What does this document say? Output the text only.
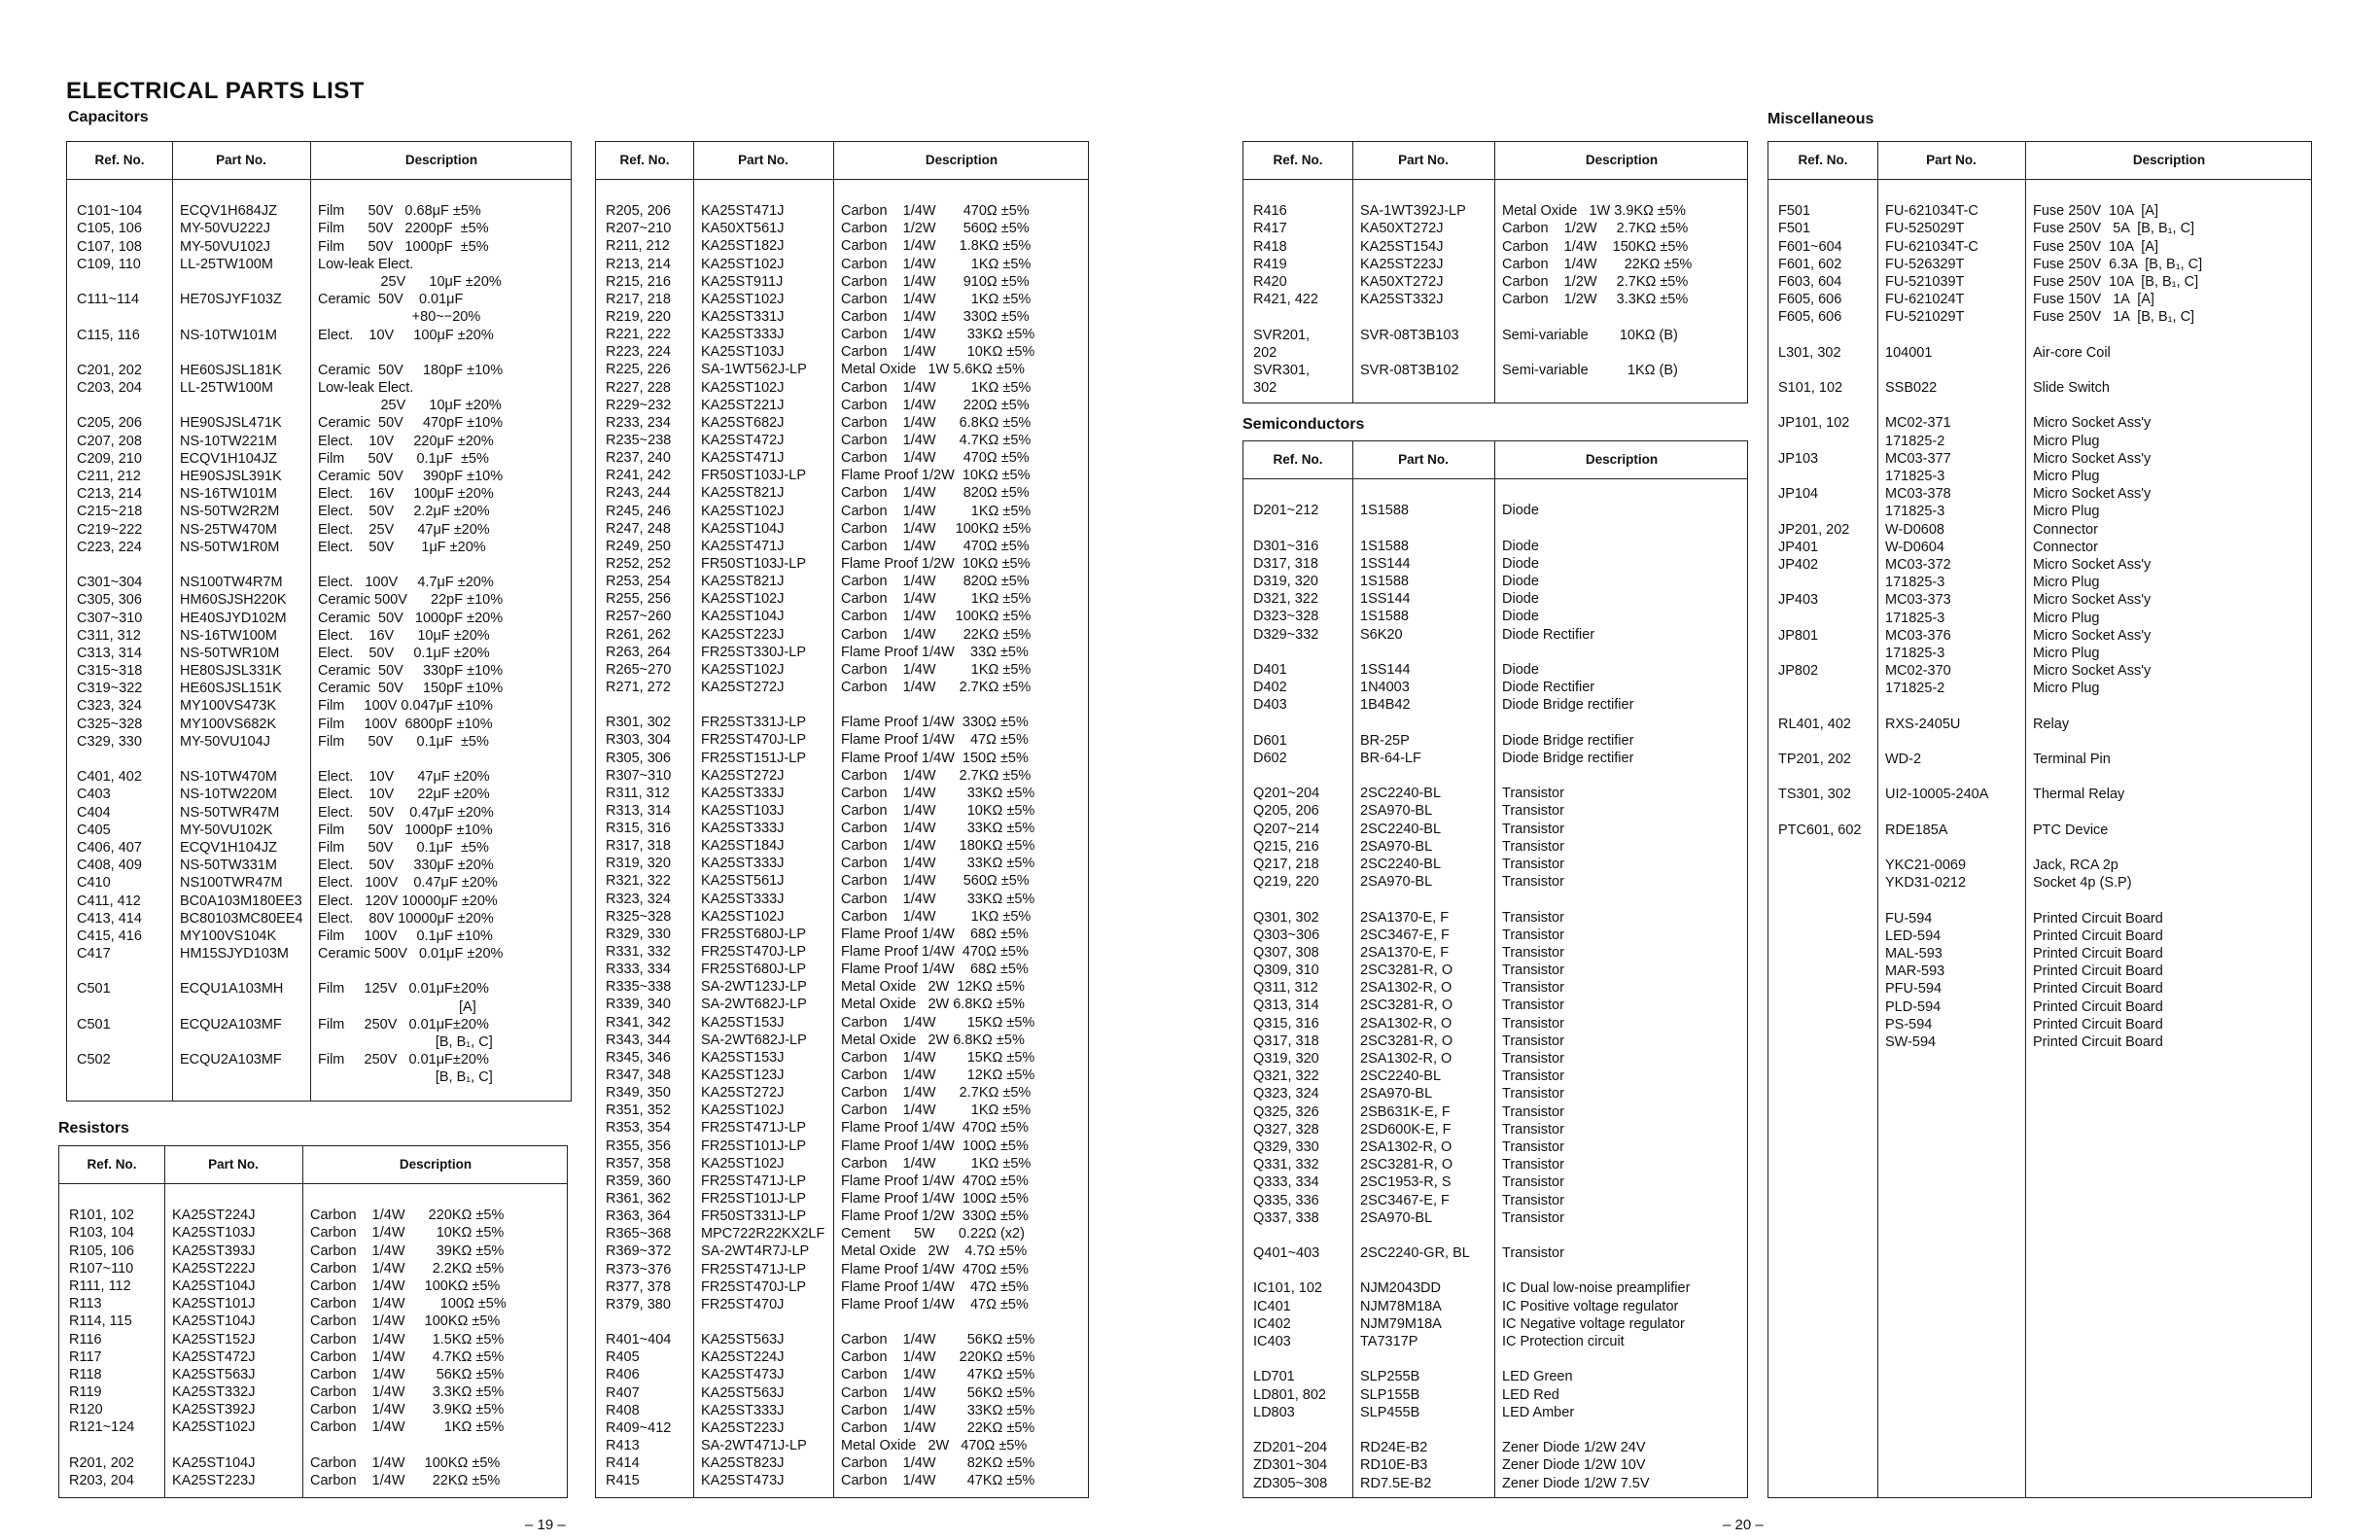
ELECTRICAL PARTS LIST
Capacitors
Resistors
Semiconductors
Miscellaneous
Ref. No.	Part No.	Description
C101~104	ECQV1H684JZ	Film      50V   0.68μF ±5%
C105, 106	MY-50VU222J	Film      50V   2200pF  ±5%
C107, 108	MY-50VU102J	Film      50V   1000pF  ±5%
C109, 110	LL-25TW100M	Low-leak Elect.
25V      10μF ±20%
C111~114	HE70SJYF103Z	Ceramic  50V    0.01μF
+80~−20%
C115, 116	NS-10TW101M	Elect.    10V     100μF ±20%
C201, 202	HE60SJSL181K	Ceramic  50V     180pF ±10%
C203, 204	LL-25TW100M	Low-leak Elect.
25V      10μF ±20%
C205, 206	HE90SJSL471K	Ceramic  50V     470pF ±10%
C207, 208	NS-10TW221M	Elect.    10V     220μF ±20%
C209, 210	ECQV1H104JZ	Film      50V      0.1μF  ±5%
C211, 212	HE90SJSL391K	Ceramic  50V     390pF ±10%
C213, 214	NS-16TW101M	Elect.    16V     100μF ±20%
C215~218	NS-50TW2R2M	Elect.    50V     2.2μF ±20%
C219~222	NS-25TW470M	Elect.    25V      47μF ±20%
C223, 224	NS-50TW1R0M	Elect.    50V       1μF ±20%
C301~304	NS100TW4R7M	Elect.   100V     4.7μF ±20%
C305, 306	HM60SJSH220K Ceramic 500V      22pF ±10%
C307~310	HE40SJYD102M Ceramic  50V   1000pF ±20%
C311, 312	NS-16TW100M	Elect.    16V      10μF ±20%
C313, 314	NS-50TWR10M	Elect.    50V     0.1μF ±20%
C315~318	HE80SJSL331K	Ceramic  50V     330pF ±10%
C319~322	HE60SJSL151K	Ceramic  50V     150pF ±10%
C323, 324	MY100VS473K	Film     100V 0.047μF ±10%
C325~328	MY100VS682K	Film     100V  6800pF ±10%
C329, 330	MY-50VU104J	Film      50V      0.1μF  ±5%
C401, 402	NS-10TW470M	Elect.    10V      47μF ±20%
C403	NS-10TW220M	Elect.    10V      22μF ±20%
C404	NS-50TWR47M	Elect.    50V    0.47μF ±20%
C405	MY-50VU102K	Film      50V   1000pF ±10%
C406, 407	ECQV1H104JZ	Film      50V      0.1μF  ±5%
C408, 409	NS-50TW331M	Elect.    50V     330μF ±20%
C410	NS100TWR47M	Elect.   100V    0.47μF ±20%
C411, 412	BC0A103M180EE3 Elect.   120V 10000μF ±20%
C413, 414	BC80103MC80EE4 Elect.    80V 10000μF ±20%
C415, 416	MY100VS104K	Film     100V     0.1μF ±10%
C417	HM15SJYD103M Ceramic 500V   0.01μF ±20%
C501	ECQU1A103MH Film     125V   0.01μF±20%
[A]
C501	ECQU2A103MF	Film     250V   0.01μF±20%
[B, B₁, C]
C502	ECQU2A103MF	Film     250V   0.01μF±20%
[B, B₁, C]
Ref. No.	Part No.	Description
R101, 102	KA25ST224J	Carbon    1/4W      220KΩ ±5%
R103, 104	KA25ST103J	Carbon    1/4W        10KΩ ±5%
R105, 106	KA25ST393J	Carbon    1/4W        39KΩ ±5%
R107~110	KA25ST222J	Carbon    1/4W       2.2KΩ ±5%
R111, 112	KA25ST104J	Carbon    1/4W     100KΩ ±5%
R113	KA25ST101J	Carbon    1/4W         100Ω ±5%
R114, 115	KA25ST104J	Carbon    1/4W     100KΩ ±5%
R116	KA25ST152J	Carbon    1/4W       1.5KΩ ±5%
R117	KA25ST472J	Carbon    1/4W       4.7KΩ ±5%
R118	KA25ST563J	Carbon    1/4W        56KΩ ±5%
R119	KA25ST332J	Carbon    1/4W       3.3KΩ ±5%
R120	KA25ST392J	Carbon    1/4W       3.9KΩ ±5%
R121~124	KA25ST102J	Carbon    1/4W          1KΩ ±5%
R201, 202	KA25ST104J	Carbon    1/4W     100KΩ ±5%
R203, 204	KA25ST223J	Carbon    1/4W       22KΩ ±5%
Ref. No.	Part No.	Description
R205, 206 KA25ST471J	Carbon    1/4W       470Ω ±5%
R207~210 KA50XT561J	Carbon    1/2W       560Ω ±5%
R211, 212 KA25ST182J	Carbon    1/4W      1.8KΩ ±5%
R213, 214 KA25ST102J	Carbon    1/4W         1KΩ ±5%
R215, 216 KA25ST911J	Carbon    1/4W       910Ω ±5%
R217, 218 KA25ST102J	Carbon    1/4W         1KΩ ±5%
R219, 220 KA25ST331J	Carbon    1/4W       330Ω ±5%
R221, 222 KA25ST333J	Carbon    1/4W        33KΩ ±5%
R223, 224 KA25ST103J	Carbon    1/4W        10KΩ ±5%
R225, 226 SA-1WT562J-LP Metal Oxide   1W 5.6KΩ ±5%
R227, 228 KA25ST102J	Carbon    1/4W         1KΩ ±5%
R229~232 KA25ST221J	Carbon    1/4W       220Ω ±5%
R233, 234 KA25ST682J	Carbon    1/4W      6.8KΩ ±5%
R235~238 KA25ST472J	Carbon    1/4W      4.7KΩ ±5%
R237, 240 KA25ST471J	Carbon    1/4W       470Ω ±5%
R241, 242 FR50ST103J-LP Flame Proof 1/2W  10KΩ ±5%
R243, 244 KA25ST821J	Carbon    1/4W       820Ω ±5%
R245, 246 KA25ST102J	Carbon    1/4W         1KΩ ±5%
R247, 248 KA25ST104J	Carbon    1/4W     100KΩ ±5%
R249, 250 KA25ST471J	Carbon    1/4W       470Ω ±5%
R252, 252 FR50ST103J-LP Flame Proof 1/2W  10KΩ ±5%
R253, 254 KA25ST821J	Carbon    1/4W       820Ω ±5%
R255, 256 KA25ST102J	Carbon    1/4W         1KΩ ±5%
R257~260 KA25ST104J	Carbon    1/4W     100KΩ ±5%
R261, 262 KA25ST223J	Carbon    1/4W       22KΩ ±5%
R263, 264 FR25ST330J-LP Flame Proof 1/4W    33Ω ±5%
R265~270 KA25ST102J	Carbon    1/4W         1KΩ ±5%
R271, 272 KA25ST272J	Carbon    1/4W      2.7KΩ ±5%
R301, 302 FR25ST331J-LP Flame Proof 1/4W  330Ω ±5%
R303, 304 FR25ST470J-LP Flame Proof 1/4W    47Ω ±5%
R305, 306 FR25ST151J-LP Flame Proof 1/4W  150Ω ±5%
R307~310 KA25ST272J	Carbon    1/4W      2.7KΩ ±5%
R311, 312 KA25ST333J	Carbon    1/4W        33KΩ ±5%
R313, 314 KA25ST103J	Carbon    1/4W        10KΩ ±5%
R315, 316 KA25ST333J	Carbon    1/4W        33KΩ ±5%
R317, 318 KA25ST184J	Carbon    1/4W      180KΩ ±5%
R319, 320 KA25ST333J	Carbon    1/4W        33KΩ ±5%
R321, 322 KA25ST561J	Carbon    1/4W       560Ω ±5%
R323, 324 KA25ST333J	Carbon    1/4W        33KΩ ±5%
R325~328 KA25ST102J	Carbon    1/4W         1KΩ ±5%
R329, 330 FR25ST680J-LP Flame Proof 1/4W    68Ω ±5%
R331, 332 FR25ST470J-LP Flame Proof 1/4W  470Ω ±5%
R333, 334 FR25ST680J-LP Flame Proof 1/4W    68Ω ±5%
R335~338 SA-2WT123J-LP Metal Oxide   2W  12KΩ ±5%
R339, 340 SA-2WT682J-LP Metal Oxide   2W 6.8KΩ ±5%
R341, 342 KA25ST153J	Carbon    1/4W        15KΩ ±5%
R343, 344 SA-2WT682J-LP Metal Oxide   2W 6.8KΩ ±5%
R345, 346 KA25ST153J	Carbon    1/4W        15KΩ ±5%
R347, 348 KA25ST123J	Carbon    1/4W        12KΩ ±5%
R349, 350 KA25ST272J	Carbon    1/4W      2.7KΩ ±5%
R351, 352 KA25ST102J	Carbon    1/4W         1KΩ ±5%
R353, 354 FR25ST471J-LP Flame Proof 1/4W  470Ω ±5%
R355, 356 FR25ST101J-LP Flame Proof 1/4W  100Ω ±5%
R357, 358 KA25ST102J	Carbon    1/4W         1KΩ ±5%
R359, 360 FR25ST471J-LP Flame Proof 1/4W  470Ω ±5%
R361, 362 FR25ST101J-LP Flame Proof 1/4W  100Ω ±5%
R363, 364 FR50ST331J-LP Flame Proof 1/2W  330Ω ±5%
R365~368 MPC722R22KX2LF Cement      5W      0.22Ω (x2)
R369~372 SA-2WT4R7J-LP Metal Oxide   2W    4.7Ω ±5%
R373~376 FR25ST471J-LP Flame Proof 1/4W  470Ω ±5%
R377, 378 FR25ST470J-LP Flame Proof 1/4W    47Ω ±5%
R379, 380 FR25ST470J	Flame Proof 1/4W    47Ω ±5%
R401~404 KA25ST563J	Carbon    1/4W        56KΩ ±5%
R405	KA25ST224J	Carbon    1/4W      220KΩ ±5%
R406	KA25ST473J	Carbon    1/4W        47KΩ ±5%
R407	KA25ST563J	Carbon    1/4W        56KΩ ±5%
R408	KA25ST333J	Carbon    1/4W        33KΩ ±5%
R409~412 KA25ST223J	Carbon    1/4W        22KΩ ±5%
R413	SA-2WT471J-LP Metal Oxide   2W   470Ω ±5%
R414	KA25ST823J	Carbon    1/4W        82KΩ ±5%
R415	KA25ST473J	Carbon    1/4W        47KΩ ±5%
Ref. No.	Part No.	Description
R416	SA-1WT392J-LP	Metal Oxide   1W 3.9KΩ ±5%
R417	KA50XT272J	Carbon    1/2W     2.7KΩ ±5%
R418	KA25ST154J	Carbon    1/4W    150KΩ ±5%
R419	KA25ST223J	Carbon    1/4W       22KΩ ±5%
R420	KA50XT272J	Carbon    1/2W     2.7KΩ ±5%
R421, 422	KA25ST332J	Carbon    1/2W     3.3KΩ ±5%
SVR201,	SVR-08T3B103	Semi-variable        10KΩ (B)
202
SVR301,	SVR-08T3B102	Semi-variable          1KΩ (B)
302
Ref. No.	Part No.	Description
D201~212	1S1588	Diode
D301~316	1S1588	Diode
D317, 318	1SS144	Diode
D319, 320	1S1588	Diode
D321, 322	1SS144	Diode
D323~328	1S1588	Diode
D329~332	S6K20	Diode Rectifier
D401	1SS144	Diode
D402	1N4003	Diode Rectifier
D403	1B4B42	Diode Bridge rectifier
D601	BR-25P	Diode Bridge rectifier
D602	BR-64-LF	Diode Bridge rectifier
Q201~204	2SC2240-BL	Transistor
Q205, 206	2SA970-BL	Transistor
Q207~214	2SC2240-BL	Transistor
Q215, 216	2SA970-BL	Transistor
Q217, 218	2SC2240-BL	Transistor
Q219, 220	2SA970-BL	Transistor
Q301, 302	2SA1370-E, F	Transistor
Q303~306	2SC3467-E, F	Transistor
Q307, 308	2SA1370-E, F	Transistor
Q309, 310	2SC3281-R, O	Transistor
Q311, 312	2SA1302-R, O	Transistor
Q313, 314	2SC3281-R, O	Transistor
Q315, 316	2SA1302-R, O	Transistor
Q317, 318	2SC3281-R, O	Transistor
Q319, 320	2SA1302-R, O	Transistor
Q321, 322	2SC2240-BL	Transistor
Q323, 324	2SA970-BL	Transistor
Q325, 326	2SB631K-E, F	Transistor
Q327, 328	2SD600K-E, F	Transistor
Q329, 330	2SA1302-R, O	Transistor
Q331, 332	2SC3281-R, O	Transistor
Q333, 334	2SC1953-R, S	Transistor
Q335, 336	2SC3467-E, F	Transistor
Q337, 338	2SA970-BL	Transistor
Q401~403	2SC2240-GR, BL Transistor
IC101, 102	NJM2043DD	IC Dual low-noise preamplifier
IC401	NJM78M18A	IC Positive voltage regulator
IC402	NJM79M18A	IC Negative voltage regulator
IC403	TA7317P	IC Protection circuit
LD701	SLP255B	LED Green
LD801, 802 SLP155B	LED Red
LD803	SLP455B	LED Amber
ZD201~204 RD24E-B2	Zener Diode 1/2W 24V
ZD301~304 RD10E-B3	Zener Diode 1/2W 10V
ZD305~308 RD7.5E-B2	Zener Diode 1/2W 7.5V
Ref. No.	Part No.	Description
F501	FU-621034T-C	Fuse 250V  10A  [A]
F501	FU-525029T	Fuse 250V   5A  [B, B₁, C]
F601~604	FU-621034T-C	Fuse 250V  10A  [A]
F601, 602	FU-526329T	Fuse 250V  6.3A  [B, B₁, C]
F603, 604	FU-521039T	Fuse 250V  10A  [B, B₁, C]
F605, 606	FU-621024T	Fuse 150V   1A  [A]
F605, 606	FU-521029T	Fuse 250V   1A  [B, B₁, C]
L301, 302	104001	Air-core Coil
S101, 102	SSB022	Slide Switch
JP101, 102	MC02-371	Micro Socket Ass'y
171825-2	Micro Plug
JP103	MC03-377	Micro Socket Ass'y
171825-3	Micro Plug
JP104	MC03-378	Micro Socket Ass'y
171825-3	Micro Plug
JP201, 202	W-D0608	Connector
JP401	W-D0604	Connector
JP402	MC03-372	Micro Socket Ass'y
171825-3	Micro Plug
JP403	MC03-373	Micro Socket Ass'y
171825-3	Micro Plug
JP801	MC03-376	Micro Socket Ass'y
171825-3	Micro Plug
JP802	MC02-370	Micro Socket Ass'y
171825-2	Micro Plug
RL401, 402 RXS-2405U	Relay
TP201, 202 WD-2	Terminal Pin
TS301, 302 UI2-10005-240A	Thermal Relay
PTC601, 602 RDE185A	PTC Device
YKC21-0069	Jack, RCA 2p
YKD31-0212	Socket 4p (S.P)
FU-594	Printed Circuit Board
LED-594	Printed Circuit Board
MAL-593	Printed Circuit Board
MAR-593	Printed Circuit Board
PFU-594	Printed Circuit Board
PLD-594	Printed Circuit Board
PS-594	Printed Circuit Board
SW-594	Printed Circuit Board
– 19 –	– 20 –
